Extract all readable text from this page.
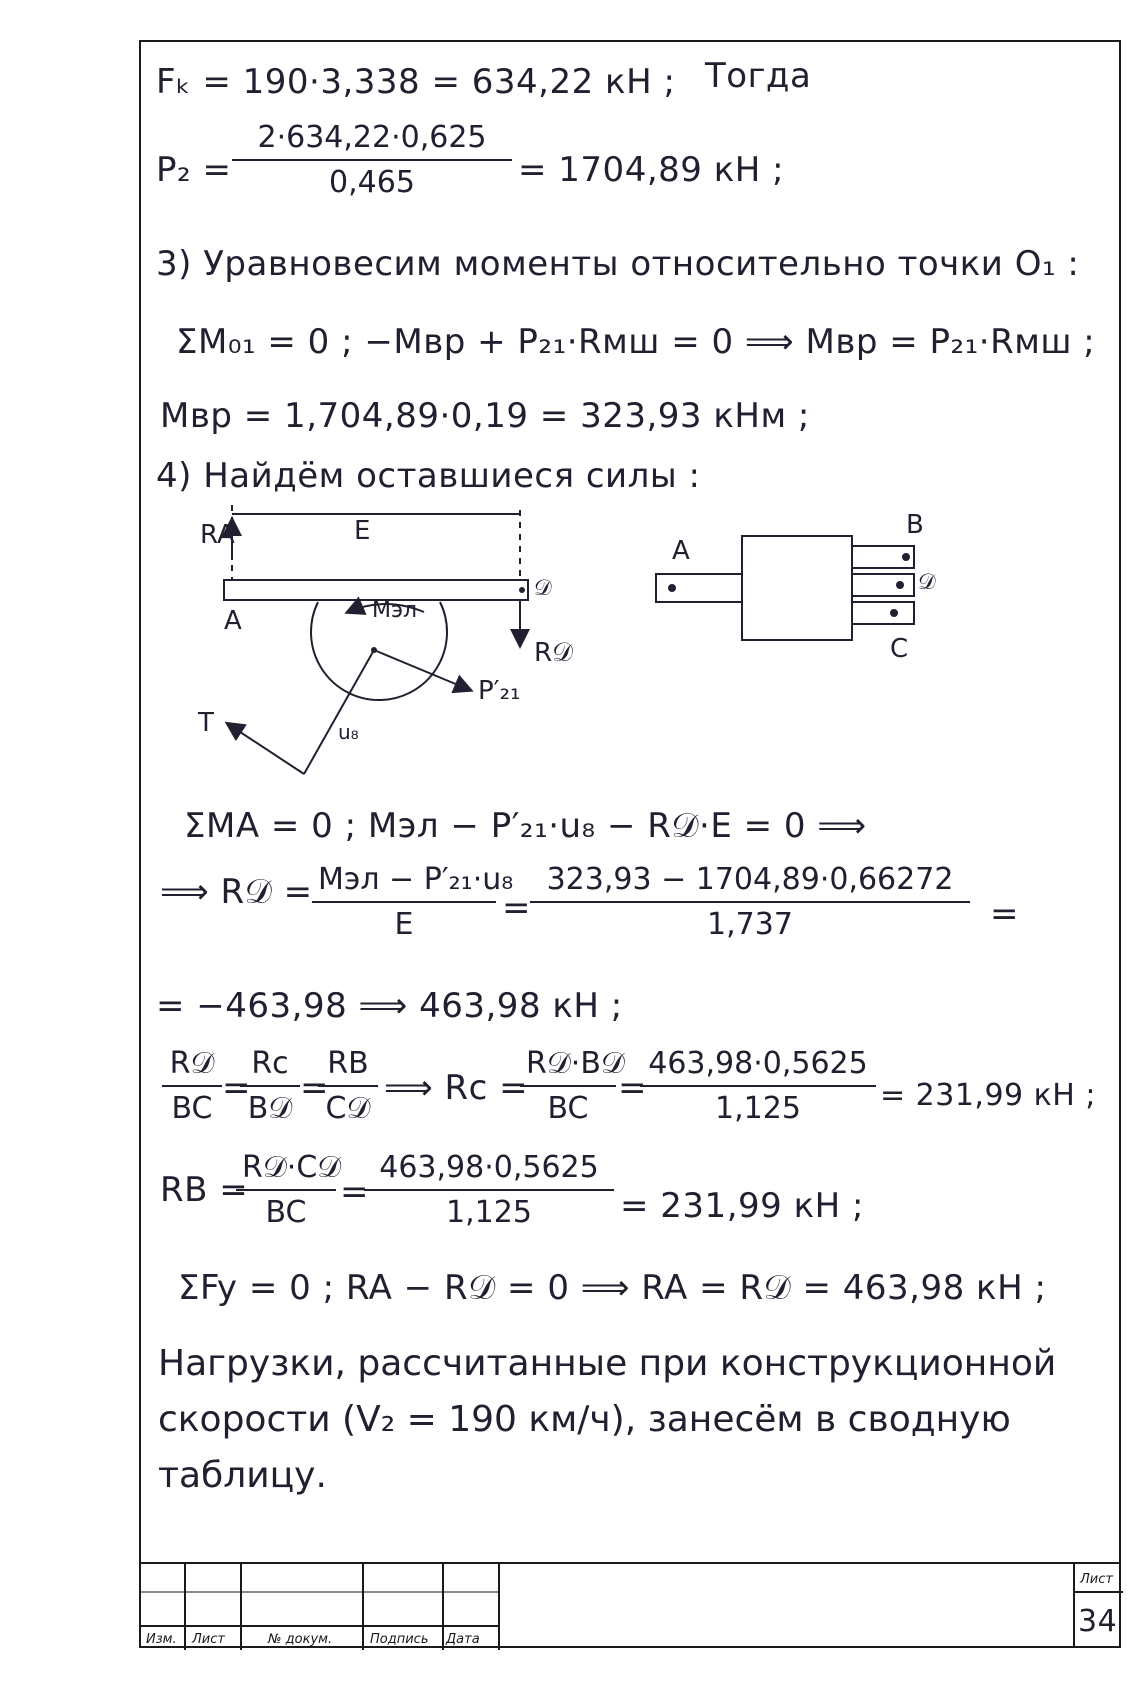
Fₖ = 190·3,338 = 634,22 кН ; Тогда
P₂ =
2·634,22·0,625
0,465	= 1704,89 кН ;
3) Уравновесим моменты относительно точки O₁ :
ΣM₀₁ = 0 ; −Mвр + P₂₁·Rмш = 0 ⟹ Mвр = P₂₁·Rмш ;
Mвр = 1,704,89·0,19 = 323,93 кНм ;
4) Найдём оставшиеся силы :
RA	E
A
𝒟
Mэл
R𝒟
T	u₈
P′₂₁
A
B
𝒟
C
ΣMA = 0 ; Mэл − P′₂₁·u₈ − R𝒟·E = 0 ⟹
⟹ R𝒟 = Mэл − P′₂₁·u₈
E	=
323,93 − 1704,89·0,66272
1,737	=
= −463,98 ⟹ 463,98 кН ;
R𝒟
BC
=
Rc
B𝒟
=
RB
C𝒟
⟹ Rc =
R𝒟·B𝒟
BC
=
463,98·0,5625
1,125	= 231,99 кН ;
RB =
R𝒟·C𝒟
BC
=
463,98·0,5625
1,125	= 231,99 кН ;
ΣFy = 0 ; RA − R𝒟 = 0 ⟹ RA = R𝒟 = 463,98 кН ;
Нагрузки, рассчитанные при конструкционной скорости (V₂ = 190 км/ч), занесём в сводную таблицу.
Изм. Лист	№ докум.	Подпись Дата
Лист
34
